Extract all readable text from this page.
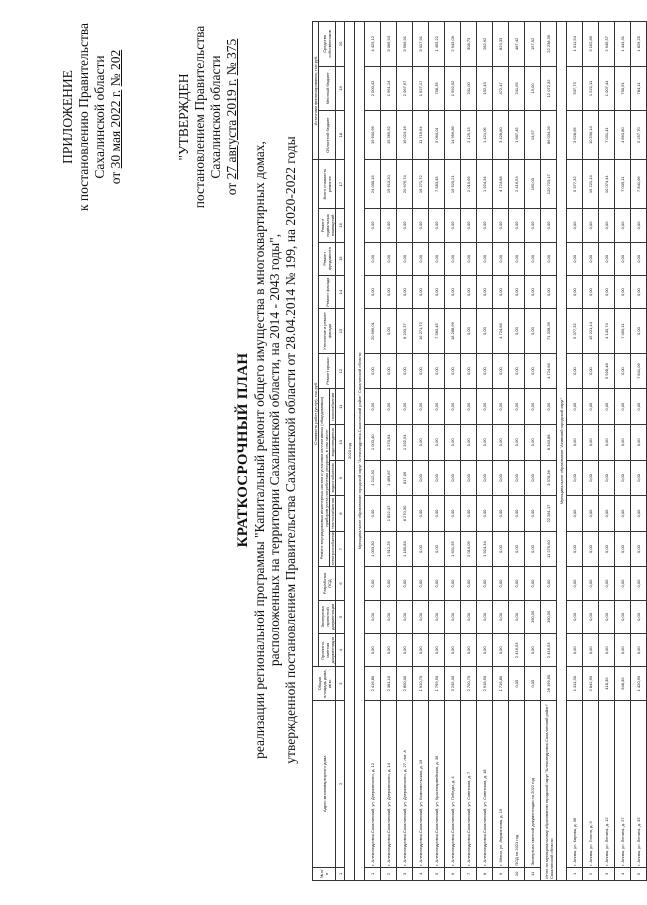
ПРИЛОЖЕНИЕ к постановлению Правительства Сахалинской области от 30 мая 2022 г. № 202
"УТВЕРЖДЕН постановлением Правительства Сахалинской области
от 27 августа 2019 г. № 375
КРАТКОСРОЧНЫЙ ПЛАН реализации региональной программы "Капитальный ремонт общего имущества в многоквартирных домах, расположенных на территории Сахалинской области, на 2014 - 2043 годы", утвержденной постановлением Правительства Сахалинской области от 28.04.2014 № 199, на 2020-2022 годы
№ п/п	Адрес многоквартирного дома	Общая площадь дома, кв.м.	Стоимость работ (услуг), тыс.руб.														Источники финансирования, тыс.руб.		
			Проектно-сметная документация	Экспертиза проектной документации	Разработка ПСД	Ремонт внутридомовых инженерных систем и установка коллективных (общедомовых) приборов учета потребления ресурсов, в том числе:					Ремонт крыши	Утепление и ремонт фасада	Ремонт фасада	Ремонт фундамента	Ремонт подвальных помещений	Всего стоимость ремонта	Областной бюджет	Местный бюджет	Средства собственников
						электроснабжения	теплоснабжения	водоснабжения	водоотведения	газоснабжения									
1	2	3	4	5	6	7	8	9	10	11	12	13	14	15	16	17	18	19	20
2020 год																			
Муниципальное образование городской округ "Александровск-Сахалинский район" Сахалинской области																			
1	г. Александровск-Сахалинский, ул. Дзержинского, д. 12	2 416,80	0,00	0,00	0,00	1 003,30	0,00	1 212,30	1 003,40	0,00	0,00	20 966,01	0,00	0,00	0,00	24 000,15	19 600,66	2 000,42	4 425,12
2	г. Александровск-Сахалинский, ул. Дзержинского, д. 14	2 381,10	0,00	0,00	0,00	1 512,25	1 822,47	1 469,87	1 270,64	0,00	0,00	0,00	0,00	0,00	0,00	19 613,20	15 365,52	1 961,14	3 066,93
3	г. Александровск-Сахалинский, ул. Дзержинского, д. 27, лит. А	2 800,00	0,00	0,00	0,00	1 180,83	8 270,30	817,06	1 332,54	0,00	0,00	8 233,37	0,00	0,00	0,00	20 976,74	16 023,16	2 067,67	3 906,91
4	г. Александровск-Сахалинский, ул. Комсомольская, д. 19	1 910,70	0,00	0,00	0,00	0,00	0,00	0,00	0,00	0,00	0,00	16 271,72	0,00	0,00	0,00	16 271,72	11 716,64	1 627,17	3 017,91
5	г. Александровск-Сахалинский, ул. Красноармейская, д. 36	1 769,50	0,00	0,00	0,00	0,00	0,00	0,00	0,00	0,00	0,00	7 583,45	0,00	0,00	0,00	7 583,45	5 060,01	758,35	1 455,22
6	г. Александровск-Сахалинский, ул. Победы, д. 4	3 245,30	0,00	0,00	0,00	1 631,55	0,00	0,00	0,00	0,00	0,00	18 288,66	0,00	0,00	0,00	19 920,21	14 956,89	1 992,02	2 943,09
7	г. Александровск-Сахалинский, ул. Советская, д. 7	2 700,70	0,00	0,00	0,00	2 010,09	0,00	0,00	0,00	0,00	0,00	0,00	0,00	0,00	0,00	2 010,09	2 125,13	201,00	308,73
8	г. Александровск-Сахалинский, ул. Советская, д. 18	2 918,50	0,00	0,00	0,00	1 924,34	0,00	0,00	0,00	0,00	0,00	0,00	0,00	0,00	0,00	1 924,34	1 421,06	192,43	282,62
9	г. Мгачи, ул. Лермонтова, д. 15	1 716,80	0,00	0,00	0,00	0,00	0,00	0,00	0,00	0,00	0,00	4 724,68	0,00	0,00	0,00	4 724,68	3 428,80	472,47	823,33
10	ПСД на 2021 год	0,00	2 416,53	0,00	0,00	0,00	0,00	0,00	0,00	0,00	0,00	0,00	0,00	0,00	0,00	2 416,53	1 687,45	241,65	487,42
11	Экспертиза сметной документации на 2022 год	0,00	0,00	190,00	0,00	0,00	0,00	0,00	0,00	0,00	0,00	0,00	0,00	0,00	0,00	190,00	13,57	19,00	157,52
Итого по муниципальному образованию городской округ "Александровск-Сахалинский район" Сахалинской области		26 199,60	2 416,53	190,00	0,00	11 275,60	22 281,17	3 378,36	8 343,88	0,00	4 724,68	71 328,39	0,00	0,00	0,00	120 723,17	86 034,29	12 072,32	22 238,36
Муниципальное образование "Анивский городской округ"																			
1	г. Анива, ул. Кирова, д. 36	1 411,30	0,00	0,00	0,00	0,00	0,00	0,00	0,00	0,00	0,00	5 377,32	0,00	0,00	0,00	5 377,32	3 628,65	537,73	1 011,54
2	г. Анива, ул. Гоголя, д. 9	2 842,90	0,00	0,00	0,00	0,00	0,00	0,00	0,00	0,00	0,00	15 221,14	0,00	0,00	0,00	15 221,14	10 536,14	1 522,11	3 162,89
3	г. Анива, ул. Ленина, д. 12	418,30	0,00	0,00	0,00	0,00	0,00	0,00	0,00	0,00	5 928,48	4 143,74	0,00	0,00	0,00	10 074,41	7 031,41	1 007,44	2 945,57
4	г. Анива, ул. Ленина, д. 27	948,30	0,00	0,00	0,00	0,00	0,00	0,00	0,00	0,00	0,00	7 009,11	0,00	0,00	0,00	7 009,11	4 863,80	700,91	1 443,31
5	г. Анива, ул. Ленина, д. 32	1 420,90	0,00	0,00	0,00	0,00	0,00	0,00	0,00	0,00	7 841,06	0,00	0,00	0,00	0,00	7 841,06	5 257,70	784,11	1 829,25
